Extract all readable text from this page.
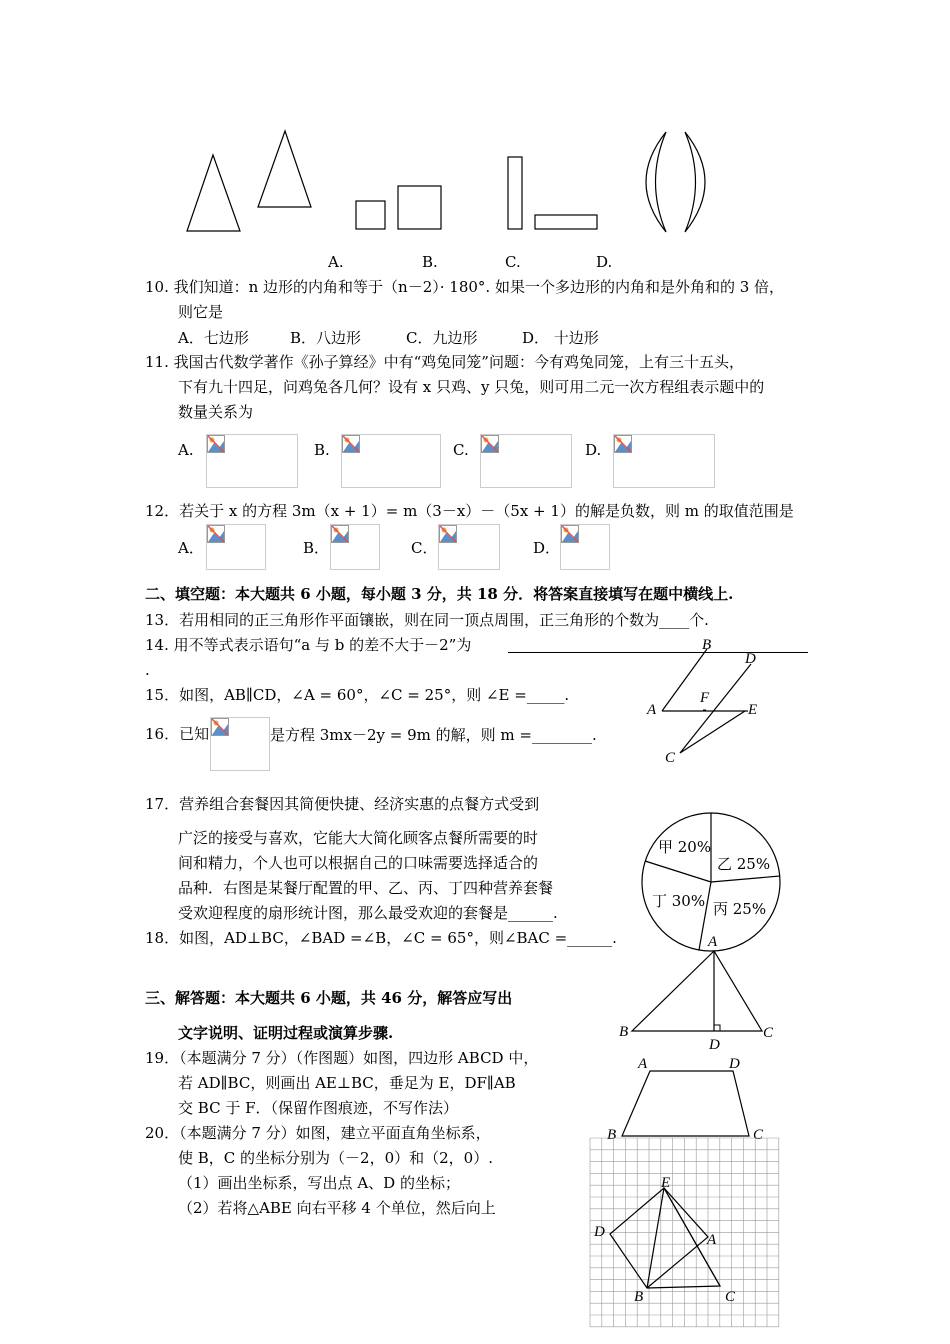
A.	B.	C.	D.
10. 我们知道：n 边形的内角和等于（n－2）· 180°. 如果一个多边形的内角和是外角和的 3 倍，
则它是
A．七边形	B．八边形	C．九边形	D． 十边形
11. 我国古代数学著作《孙子算经》中有“鸡兔同笼”问题：今有鸡兔同笼，上有三十五头，
下有九十四足，问鸡兔各几何？设有 x 只鸡、y 只兔，则可用二元一次方程组表示题中的
数量关系为
A.	B.	C.	D.
12．若关于 x 的方程 3m（x + 1）= m（3－x）－（5x + 1）的解是负数，则 m 的取值范围是
A．	B．	C．	D．
二、填空题：本大题共 6 小题，每小题 3 分，共 18 分．将答案直接填写在题中横线上.
13．若用相同的正三角形作平面镶嵌，则在同一顶点周围，正三角形的个数为____个.
14. 用不等式表示语句“a 与 b 的差不大于－2”为
.
15．如图，AB∥CD，∠A = 60°，∠C = 25°，则 ∠E =_____.
B
D
F
A	E
C
16．已知	是方程 3mx－2y = 9m 的解，则 m =________.
17．营养组合套餐因其简便快捷、经济实惠的点餐方式受到
广泛的接受与喜欢，它能大大简化顾客点餐所需要的时
间和精力，个人也可以根据自己的口味需要选择适合的
品种．右图是某餐厅配置的甲、乙、丙、丁四种营养套餐
受欢迎程度的扇形统计图，那么最受欢迎的套餐是______.
甲 20%
乙 25%
丁 30% 丙 25%
18．如图，AD⊥BC，∠BAD =∠B，∠C = 65°，则∠BAC =______.	A
B	C
D
三、解答题：本大题共 6 小题，共 46 分，解答应写出
文字说明、证明过程或演算步骤.
19．（本题满分 7 分）（作图题）如图，四边形 ABCD 中，
若 AD∥BC，则画出 AE⊥BC，垂足为 E，DF∥AB
交 BC 于 F．（保留作图痕迹，不写作法）
A	D
B	C
20．（本题满分 7 分）如图，建立平面直角坐标系，
使 B，C 的坐标分别为（－2，0）和（2，0）.
（1）画出坐标系，写出点 A、D 的坐标；
（2）若将△ABE 向右平移 4 个单位，然后向上
E
D	A
B	C
